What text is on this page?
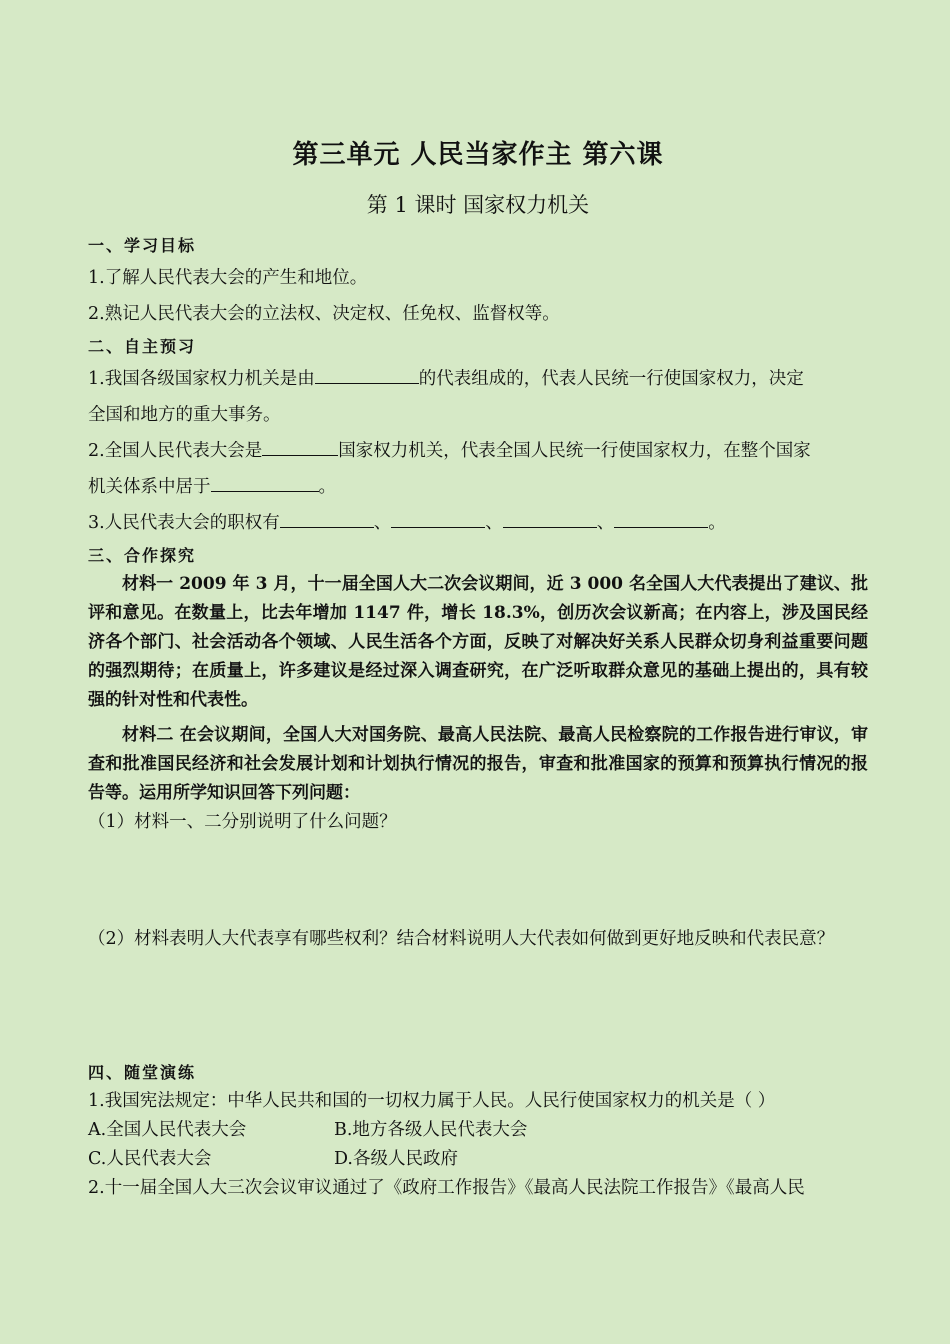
第三单元 人民当家作主 第六课
第 1 课时 国家权力机关
一、学习目标

1.了解人民代表大会的产生和地位。

2.熟记人民代表大会的立法权、决定权、任免权、监督权等。

二、自主预习

1.我国各级国家权力机关是由	的代表组成的，代表人民统一行使国家权力，决定

全国和地方的重大事务。

2.全国人民代表大会是	国家权力机关，代表全国人民统一行使国家权力，在整个国家

机关体系中居于	。

3.人民代表大会的职权有	、	、	、	。

三、合作探究

材料一 2009 年 3 月，十一届全国人大二次会议期间，近 3 000 名全国人大代表提出了建议、批评和意见。在数量上，比去年增加 1147 件，增长 18.3%，创历次会议新高；在内容上，涉及国民经济各个部门、社会活动各个领域、人民生活各个方面，反映了对解决好关系人民群众切身利益重要问题的强烈期待；在质量上，许多建议是经过深入调查研究，在广泛听取群众意见的基础上提出的，具有较强的针对性和代表性。

材料二 在会议期间，全国人大对国务院、最高人民法院、最高人民检察院的工作报告进行审议，审查和批准国民经济和社会发展计划和计划执行情况的报告，审查和批准国家的预算和预算执行情况的报告等。运用所学知识回答下列问题：

（1）材料一、二分别说明了什么问题？

（2）材料表明人大代表享有哪些权利？结合材料说明人大代表如何做到更好地反映和代表民意？

四、随堂演练

1.我国宪法规定：中华人民共和国的一切权力属于人民。人民行使国家权力的机关是（ ）

A.全国人民代表大会	B.地方各级人民代表大会
C.人民代表大会	D.各级人民政府

2.十一届全国人大三次会议审议通过了《政府工作报告》《最高人民法院工作报告》《最高人民
